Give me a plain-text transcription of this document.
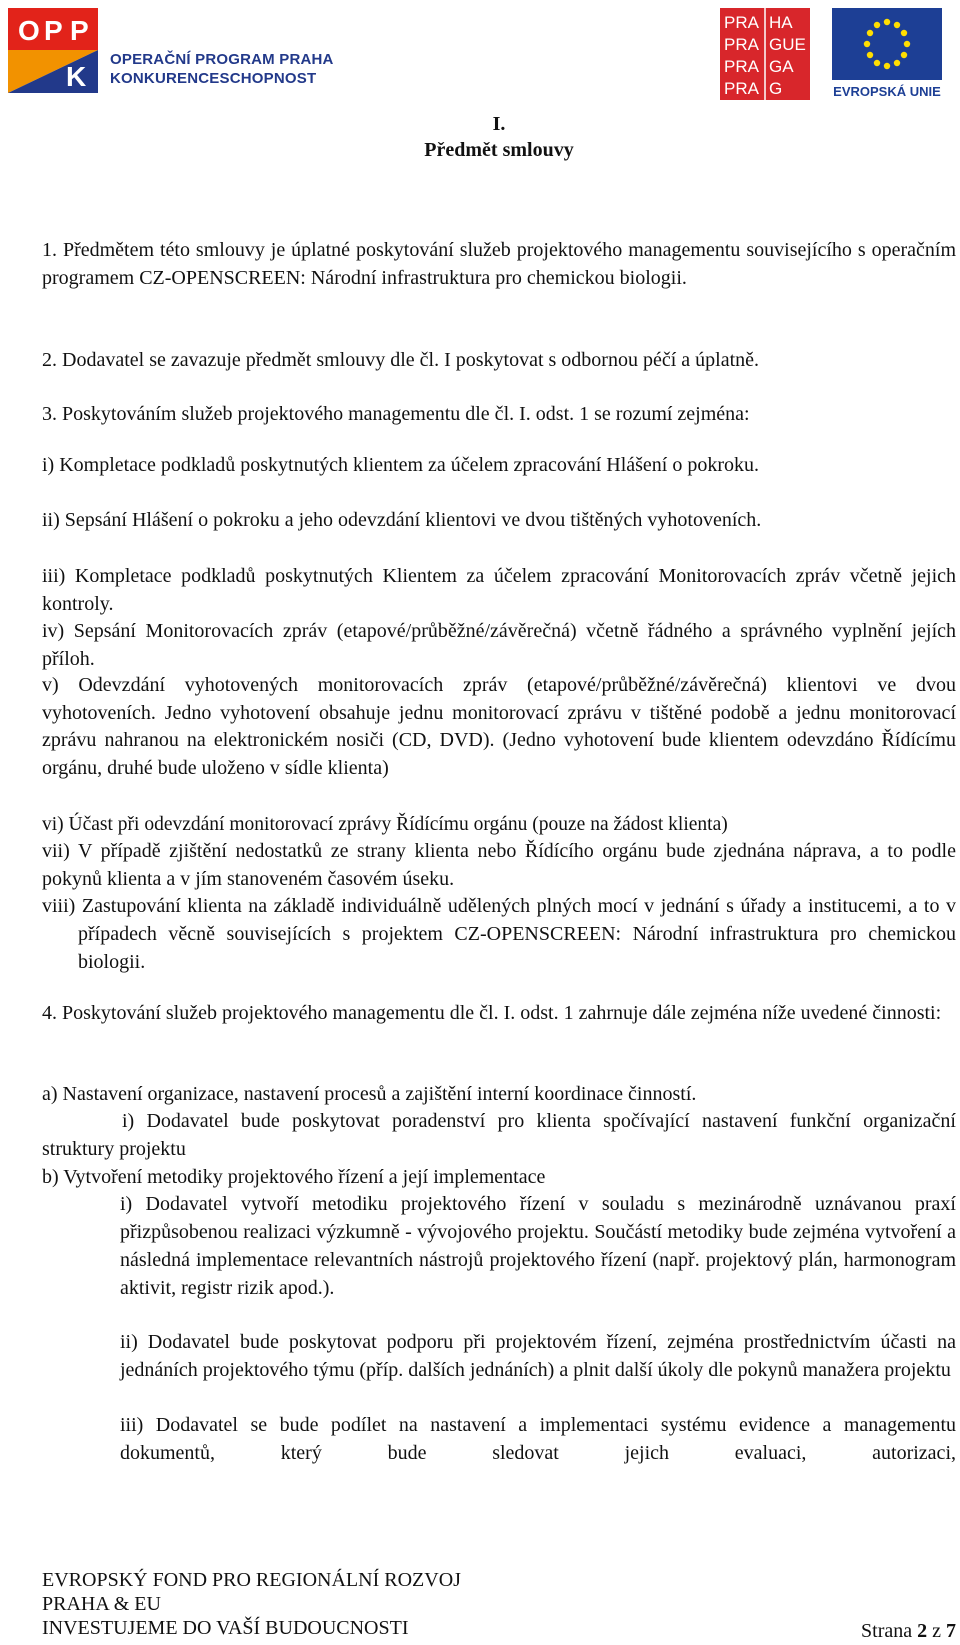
O P P
K
OPERAČNÍ PROGRAM PRAHA
KONKURENCESCHOPNOST
PRA HA
PRA GUE
PRA GA
PRA G	EVROPSKÁ UNIE
I.
Předmět smlouvy
1. Předmětem této smlouvy je úplatné poskytování služeb projektového managementu souvisejícího s operačním programem CZ-OPENSCREEN: Národní infrastruktura pro chemickou biologii.
2. Dodavatel se zavazuje předmět smlouvy dle čl. I poskytovat s odbornou péčí a úplatně.
3. Poskytováním služeb projektového managementu dle čl. I. odst. 1 se rozumí zejména:
i) Kompletace podkladů poskytnutých klientem za účelem zpracování Hlášení o pokroku.
ii) Sepsání Hlášení o pokroku a jeho odevzdání klientovi ve dvou tištěných vyhotoveních.
iii) Kompletace podkladů poskytnutých Klientem za účelem zpracování Monitorovacích zpráv včetně jejich kontroly.
iv) Sepsání Monitorovacích zpráv (etapové/průběžné/závěrečná) včetně řádného a správného vyplnění jejích příloh.
v) Odevzdání vyhotovených monitorovacích zpráv (etapové/průběžné/závěrečná) klientovi ve dvou vyhotoveních. Jedno vyhotovení obsahuje jednu monitorovací zprávu v tištěné podobě a jednu monitorovací zprávu nahranou na elektronickém nosiči (CD, DVD). (Jedno vyhotovení bude klientem odevzdáno Řídícímu orgánu, druhé bude uloženo v sídle klienta)
vi) Účast při odevzdání monitorovací zprávy Řídícímu orgánu (pouze na žádost klienta)
vii) V případě zjištění nedostatků ze strany klienta nebo Řídícího orgánu bude zjednána náprava, a to podle pokynů klienta a v jím stanoveném časovém úseku.
viii) Zastupování klienta na základě individuálně udělených plných mocí v jednání s úřady a institucemi, a to v případech věcně souvisejících s projektem CZ-OPENSCREEN: Národní infrastruktura pro chemickou biologii.
4. Poskytování služeb projektového managementu dle čl. I. odst. 1 zahrnuje dále zejména níže uvedené činnosti:
a) Nastavení organizace, nastavení procesů a zajištění interní koordinace činností.
i) Dodavatel bude poskytovat poradenství pro klienta spočívající nastavení funkční organizační struktury projektu
b) Vytvoření metodiky projektového řízení a její implementace
i) Dodavatel vytvoří metodiku projektového řízení v souladu s mezinárodně uznávanou praxí přizpůsobenou realizaci výzkumně - vývojového projektu. Součástí metodiky bude zejména vytvoření a následná implementace relevantních nástrojů projektového řízení (např. projektový plán, harmonogram aktivit, registr rizik apod.).
ii) Dodavatel bude poskytovat podporu při projektovém řízení, zejména prostřednictvím účasti na jednáních projektového týmu (příp. dalších jednáních) a plnit další úkoly dle pokynů manažera projektu
iii) Dodavatel se bude podílet na nastavení a implementaci systému evidence a managementu dokumentů, který bude sledovat jejich evaluaci, autorizaci,
EVROPSKÝ FOND PRO REGIONÁLNÍ ROZVOJ
PRAHA & EU
INVESTUJEME DO VAŠÍ BUDOUCNOSTI	Strana 2 z 7
